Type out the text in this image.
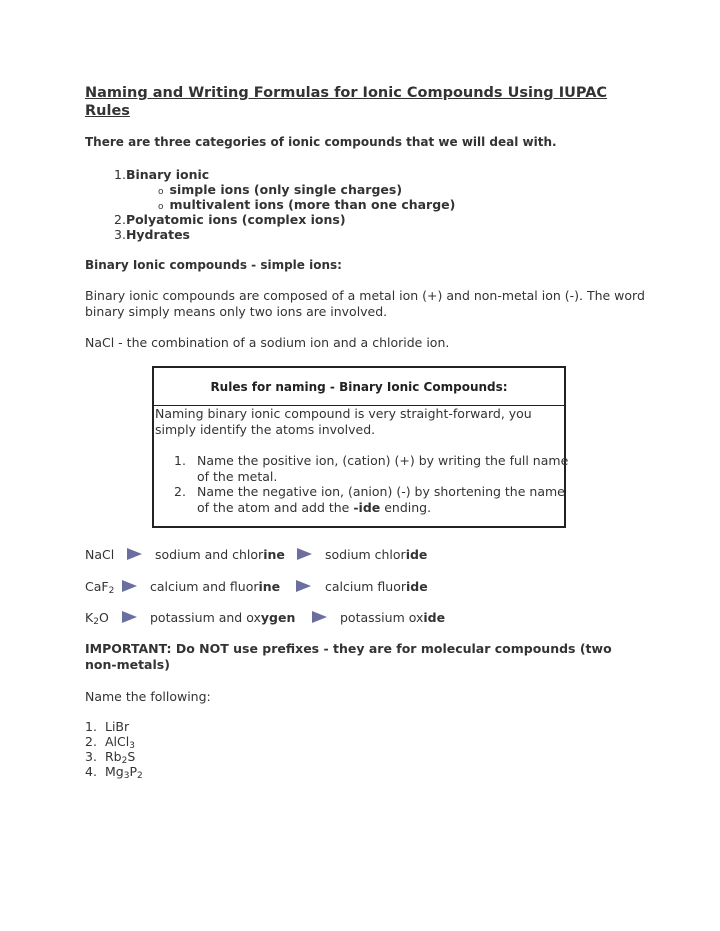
Naming and Writing Formulas for Ionic Compounds Using IUPAC Rules
There are three categories of ionic compounds that we will deal with.
1.Binary ionic
o simple ions (only single charges)
o multivalent ions (more than one charge)
2.Polyatomic ions (complex ions)
3.Hydrates
Binary Ionic compounds - simple ions:
Binary ionic compounds are composed of a metal ion (+) and non-metal ion (-). The word binary simply means only two ions are involved.
NaCl - the combination of a sodium ion and a chloride ion.
Rules for naming - Binary Ionic Compounds:
Naming binary ionic compound is very straight-forward, you simply identify the atoms involved.
1. Name the positive ion, (cation) (+) by writing the full name of the metal.
2. Name the negative ion, (anion) (-) by shortening the name of the atom and add the -ide ending.
NaCl	sodium and chlorine	sodium chloride
CaF$_2$	calcium and fluorine	calcium fluoride
$K_2O$	potassium and oxygen	potassium oxide
IMPORTANT: Do NOT use prefixes - they are for molecular compounds (two non-metals)
Name the following:
1. LiBr
2. AlCl$_3$
3. $Rb_2S$
4. $Mg_3P_2$
